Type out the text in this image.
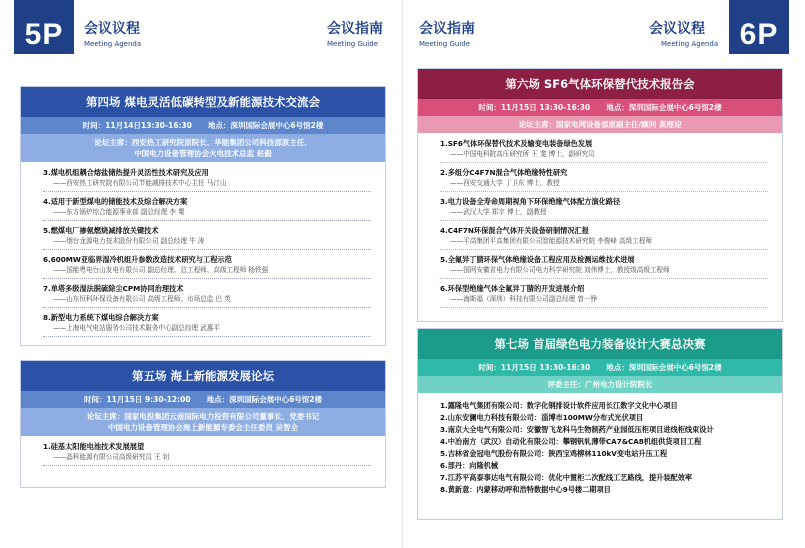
5P	会议议程
Meeting Agenda
会议指南
Meeting Guide
第四场 煤电灵活低碳转型及新能源技术交流会
时间：11月14日13:30-16:30 地点：深圳国际会展中心6号馆2楼
论坛主席：西安热工研究院原院长、华能集团公司科技部原主任、
中国电力设备管理协会火电技术总监 赵毅
3.煤电机组耦合熔盐储热提升灵活性技术研究及应用
——西安热工研究院有限公司节能减排技术中心主任 马汀山
4.适用于新型煤电的储能技术及综合解决方案
——东方锅炉综合能源事业部 副总经理 李 粟
5.燃煤电厂掺氨燃烧减排放关键技术
——烟台龙源电力技术股份有限公司 副总经理 牛 涛
6.600MW亚临界湿冷机组升参数改造技术研究与工程示范
——国能粤电台山发电有限公司 副总经理、总工程师、高级工程师 杨铁强
7.单塔多级湿法脱硫除尘CPM协同治理技术
——山东恒科环保设备有限公司 高级工程师、市场总监 巴 英
8.新型电力系统下煤电综合解决方案
——上海电气电站服务公司技术服务中心副总经理 武惠平
第五场 海上新能源发展论坛
时间：11月15日 9:30-12:00 地点：深圳国际会展中心6号馆2楼
论坛主席：国家电投集团云南国际电力投资有限公司董事长、党委书记
中国电力设备管理协会海上新能源专委会主任委员 吴智全
1.硅基太阳能电池技术发展展望
——晶科能源有限公司高级研究员 王 钊
会议指南
Meeting Guide
会议议程
Meeting Agenda 6P
第六场 SF6气体环保替代技术报告会
时间：11月15日 13:30-16:30 地点：深圳国际会展中心6号馆2楼
论坛主席：国家电网设备部原副主任/顾问 高理迎
1.SF6气体环保替代技术及输变电装备绿色发展
——中国电科院高压研究所 王 斐 博士，副研究员
2.多组分C4F7N混合气体绝缘特性研究
——西安交通大学 丁卫东 博士，教授
3.电力设备全寿命周期视角下环保绝缘气体配方演化路径
——武汉大学 郑宇 博士，副教授
4.C4F7N环保混合气体开关设备研制情况汇报
——平高集团平高集团有限公司智能源技术研究院 李俊峰 高级工程师
5.全氟异丁腈环保气体绝缘设备工程应用及检测运维技术进展
——国网安徽省电力有限公司电力科学研究院 刘伟博士，教授级高级工程师
6.环保型绝缘气体全氟异丁腈的开发进展介绍
——海斯福（深圳）科技有限公司副总经理 曾一铮
第七场 首届绿色电力装备设计大赛总决赛
时间：11月15日 13:30-16:30 地点：深圳国际会展中心6号馆2楼
评委主任：广州电力设计院院长
1.露隆电气集团有限公司：数字化钢排设计软件应用长江数字文化中心项目
2.山东安澜电力科技有限公司：淄博市100MW分布式光伏项目
3.南京大全电气有限公司：安徽智飞龙科马生物制药产业园低压柜项目进线柜线束设计
4.中冶南方（武汉）自动化有限公司：攀钢钒轧薄带CA7&CA8机组供货项目工程
5.吉林省金冠电气股份有限公司：陕西宝鸡柳林110kV变电站升压工程
6.部丹：向隆机械
7.江苏平高泰事达电气有限公司：优化中置柜二次配线工艺路线，提升装配效率
8.黄新意：内蒙移动呼和浩特数据中心9号楼二期项目
